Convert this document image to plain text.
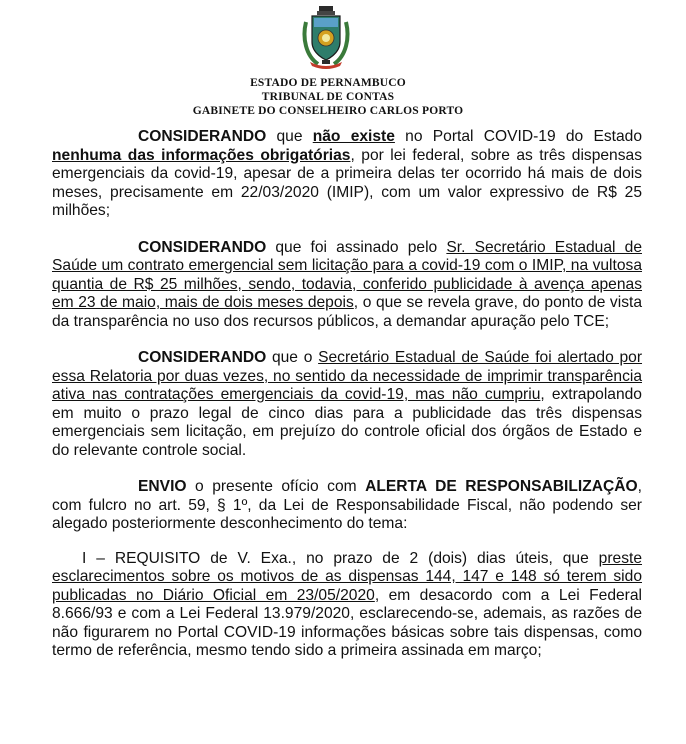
ESTADO DE PERNAMBUCO
TRIBUNAL DE CONTAS
GABINETE DO CONSELHEIRO CARLOS PORTO

CONSIDERANDO que não existe no Portal COVID-19 do Estado nenhuma das informações obrigatórias, por lei federal, sobre as três dispensas emergenciais da covid-19, apesar de a primeira delas ter ocorrido há mais de dois meses, precisamente em 22/03/2020 (IMIP), com um valor expressivo de R$ 25 milhões;

CONSIDERANDO que foi assinado pelo Sr. Secretário Estadual de Saúde um contrato emergencial sem licitação para a covid-19 com o IMIP, na vultosa quantia de R$ 25 milhões, sendo, todavia, conferido publicidade à avença apenas em 23 de maio, mais de dois meses depois, o que se revela grave, do ponto de vista da transparência no uso dos recursos públicos, a demandar apuração pelo TCE;

CONSIDERANDO que o Secretário Estadual de Saúde foi alertado por essa Relatoria por duas vezes, no sentido da necessidade de imprimir transparência ativa nas contratações emergenciais da covid-19, mas não cumpriu, extrapolando em muito o prazo legal de cinco dias para a publicidade das três dispensas emergenciais sem licitação, em prejuízo do controle oficial dos órgãos de Estado e do relevante controle social.

ENVIO o presente ofício com ALERTA DE RESPONSABILIZAÇÃO, com fulcro no art. 59, § 1º, da Lei de Responsabilidade Fiscal, não podendo ser alegado posteriormente desconhecimento do tema:

I – REQUISITO de V. Exa., no prazo de 2 (dois) dias úteis, que preste esclarecimentos sobre os motivos de as dispensas 144, 147 e 148 só terem sido publicadas no Diário Oficial em 23/05/2020, em desacordo com a Lei Federal 8.666/93 e com a Lei Federal 13.979/2020, esclarecendo-se, ademais, as razões de não figurarem no Portal COVID-19 informações básicas sobre tais dispensas, como termo de referência, mesmo tendo sido a primeira assinada em março;
